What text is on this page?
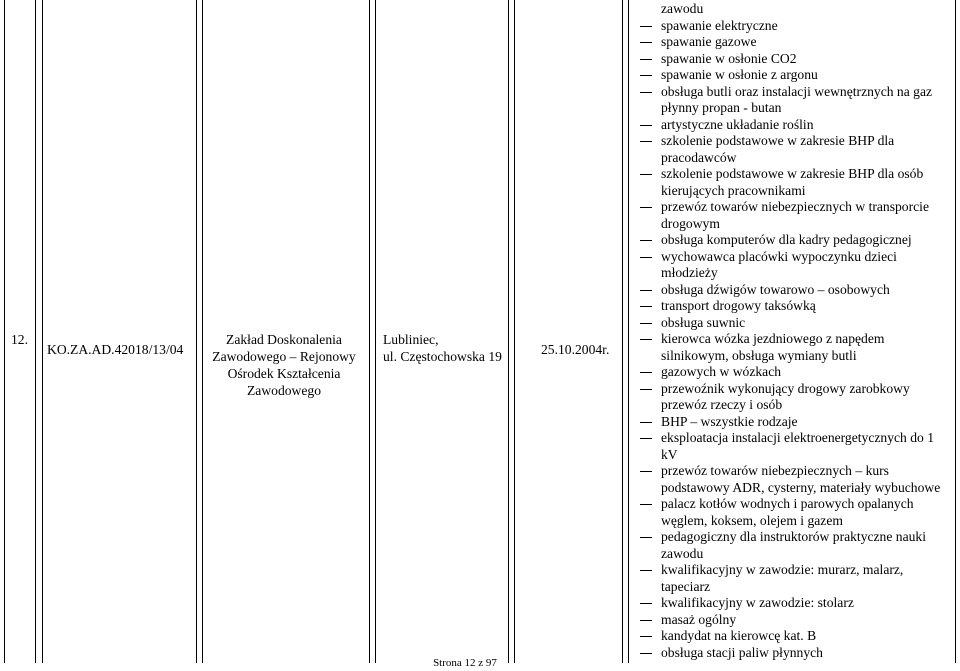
12.
KO.ZA.AD.42018/13/04
Zakład Doskonalenia
Zawodowego – Rejonowy
Ośrodek Kształcenia
Zawodowego
Lubliniec,
ul. Częstochowska 19	25.10.2004r.
zawodu
spawanie elektryczne
spawanie gazowe
spawanie w osłonie CO2
spawanie w osłonie z argonu
obsługa butli oraz instalacji wewnętrznych na gaz
płynny propan - butan
artystyczne układanie roślin
szkolenie podstawowe w zakresie BHP dla
pracodawców
szkolenie podstawowe w zakresie BHP dla osób
kierujących pracownikami
przewóz towarów niebezpiecznych w transporcie
drogowym
obsługa komputerów dla kadry pedagogicznej
wychowawca placówki wypoczynku dzieci
młodzieży
obsługa dźwigów towarowo – osobowych
transport drogowy taksówką
obsługa suwnic
kierowca wózka jezdniowego z napędem
silnikowym, obsługa wymiany butli
gazowych w wózkach
przewoźnik wykonujący drogowy zarobkowy
przewóz rzeczy i osób
BHP – wszystkie rodzaje
eksploatacja instalacji elektroenergetycznych do 1
kV
przewóz towarów niebezpiecznych – kurs
podstawowy ADR, cysterny, materiały wybuchowe
palacz kotłów wodnych i parowych opalanych
węglem, koksem, olejem i gazem
pedagogiczny dla instruktorów praktyczne nauki
zawodu
kwalifikacyjny w zawodzie: murarz, malarz,
tapeciarz
kwalifikacyjny w zawodzie: stolarz
masaż ogólny
kandydat na kierowcę kat. B
obsługa stacji paliw płynnych
Strona 12 z 97
